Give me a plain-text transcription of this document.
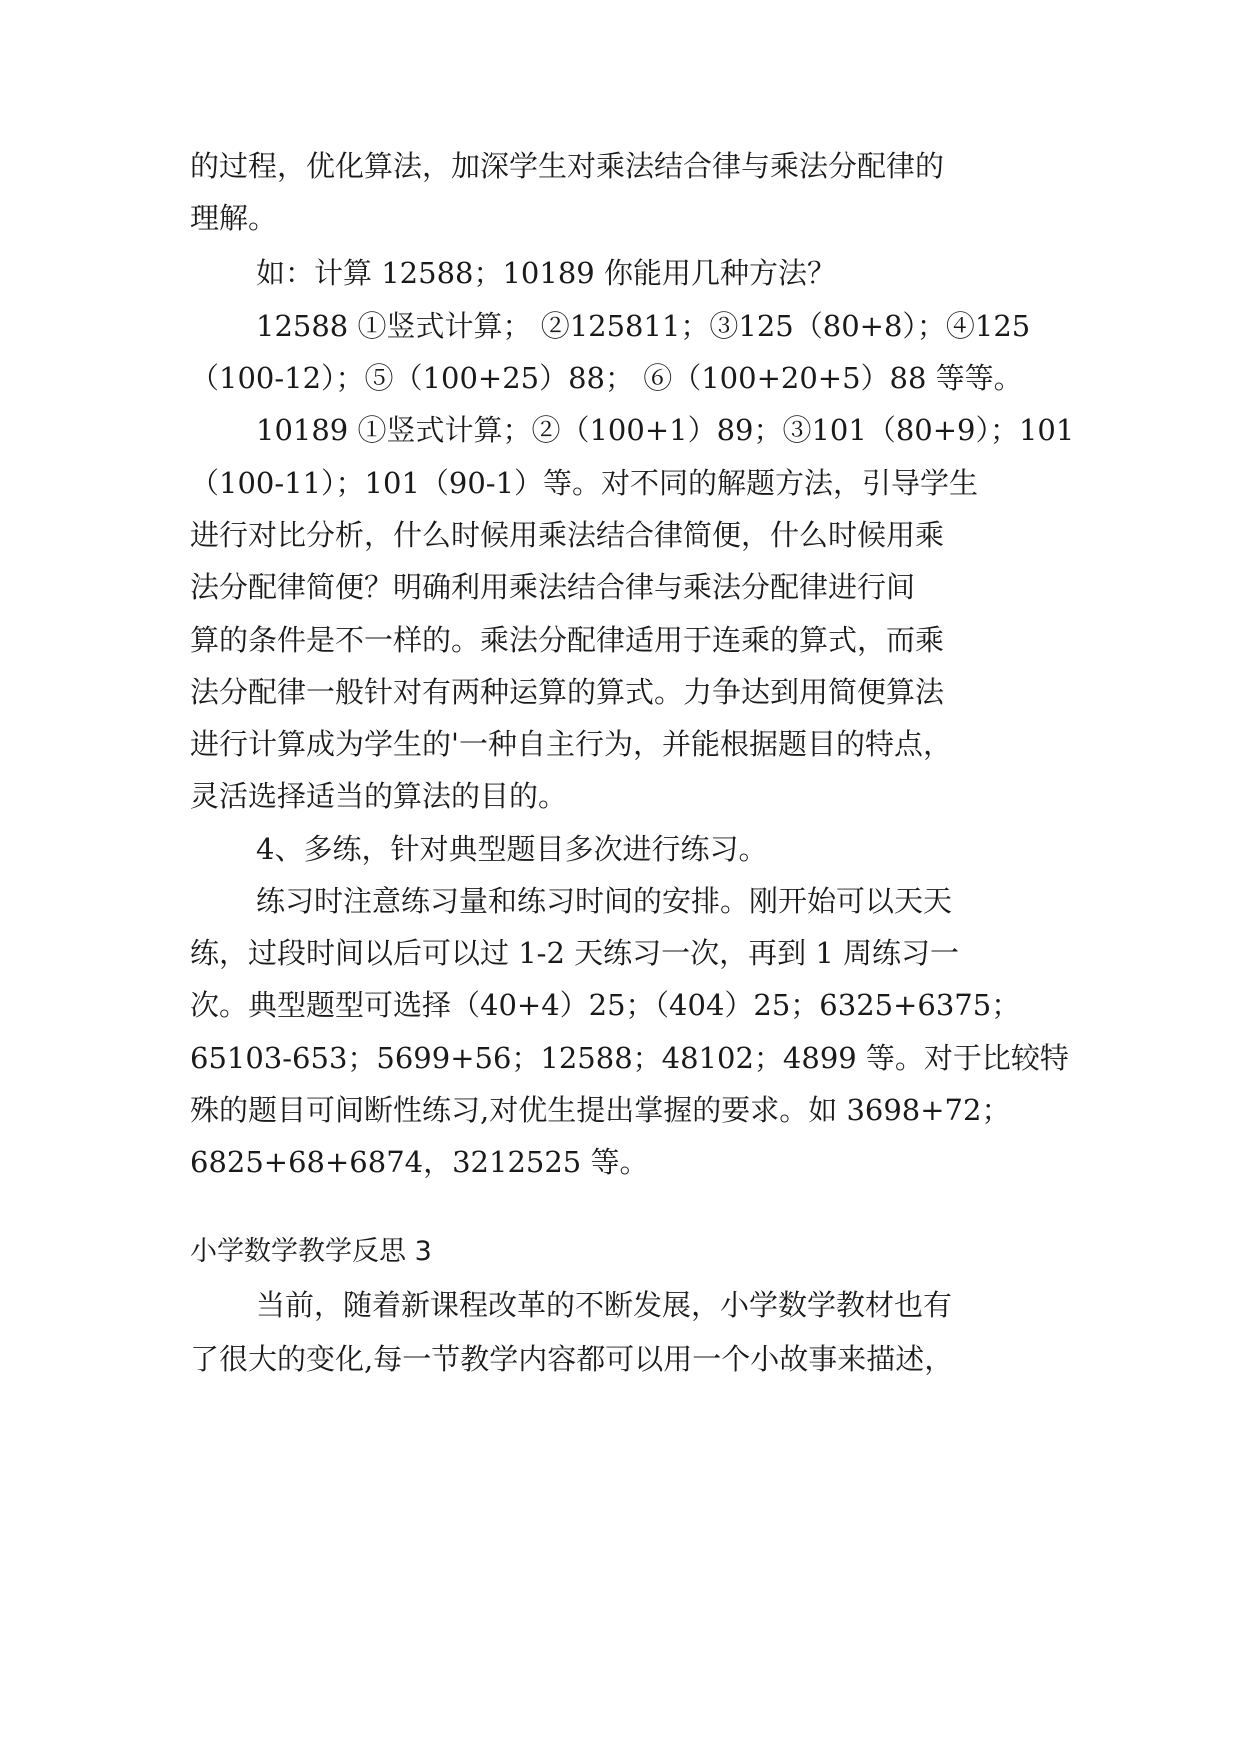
的过程，优化算法，加深学生对乘法结合律与乘法分配律的
理解。
如：计算 12588；10189 你能用几种方法？
12588 ①竖式计算； ②125811；③125（80+8）；④125
（100-12）；⑤（100+25）88； ⑥（100+20+5）88 等等。
10189 ①竖式计算；②（100+1）89；③101（80+9）；101
（100-11）；101（90-1）等。对不同的解题方法，引导学生
进行对比分析，什么时候用乘法结合律简便，什么时候用乘
法分配律简便？明确利用乘法结合律与乘法分配律进行间
算的条件是不一样的。乘法分配律适用于连乘的算式，而乘
法分配律一般针对有两种运算的算式。力争达到用简便算法
进行计算成为学生的'一种自主行为，并能根据题目的特点，
灵活选择适当的算法的目的。
4、多练，针对典型题目多次进行练习。
练习时注意练习量和练习时间的安排。刚开始可以天天
练，过段时间以后可以过 1-2 天练习一次，再到 1 周练习一
次。典型题型可选择（40+4）25；（404）25；6325+6375；
65103-653；5699+56；12588；48102；4899 等。对于比较特
殊的题目可间断性练习,对优生提出掌握的要求。如 3698+72；
6825+68+6874，3212525 等。
小学数学教学反思 3
当前，随着新课程改革的不断发展，小学数学教材也有
了很大的变化,每一节教学内容都可以用一个小故事来描述，
